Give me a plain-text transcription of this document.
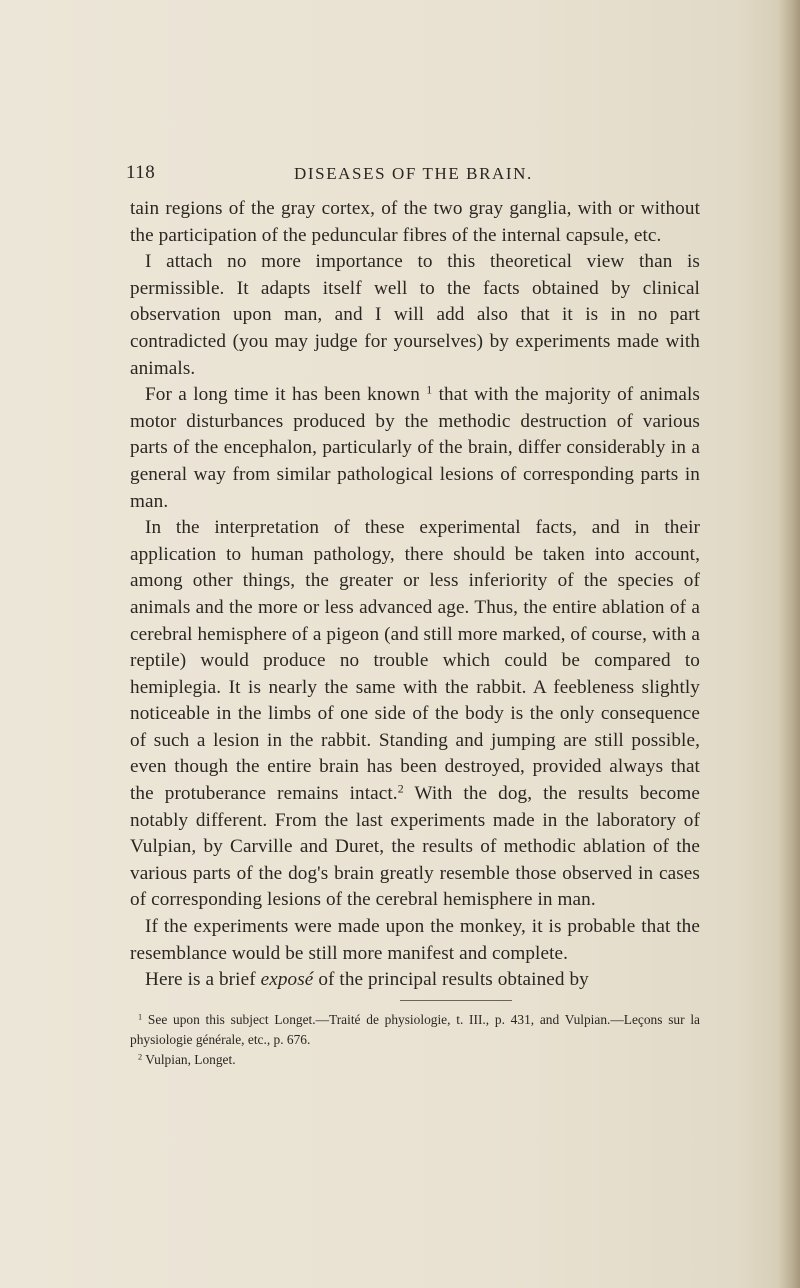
118	DISEASES OF THE BRAIN.

tain regions of the gray cortex, of the two gray ganglia, with or without the participation of the peduncular fibres of the internal capsule, etc.

I attach no more importance to this theoretical view than is permissible. It adapts itself well to the facts obtained by clinical observation upon man, and I will add also that it is in no part contradicted (you may judge for yourselves) by experiments made with animals.

For a long time it has been known $^1$ that with the majority of animals motor disturbances produced by the methodic destruction of various parts of the encephalon, particularly of the brain, differ considerably in a general way from similar pathological lesions of corresponding parts in man.

In the interpretation of these experimental facts, and in their application to human pathology, there should be taken into account, among other things, the greater or less inferiority of the species of animals and the more or less advanced age. Thus, the entire ablation of a cerebral hemisphere of a pigeon (and still more marked, of course, with a reptile) would produce no trouble which could be compared to hemiplegia. It is nearly the same with the rabbit. A feebleness slightly noticeable in the limbs of one side of the body is the only consequence of such a lesion in the rabbit. Standing and jumping are still possible, even though the entire brain has been destroyed, provided always that the protuberance remains intact.$^2$ With the dog, the results become notably different. From the last experiments made in the laboratory of Vulpian, by Carville and Duret, the results of methodic ablation of the various parts of the dog's brain greatly resemble those observed in cases of corresponding lesions of the cerebral hemisphere in man.

If the experiments were made upon the monkey, it is probable that the resemblance would be still more manifest and complete.

Here is a brief exposé of the principal results obtained by

$^1$ See upon this subject Longet.—Traité de physiologie, t. III., p. 431, and Vulpian.—Leçons sur la physiologie générale, etc., p. 676.

$^2$ Vulpian, Longet.
